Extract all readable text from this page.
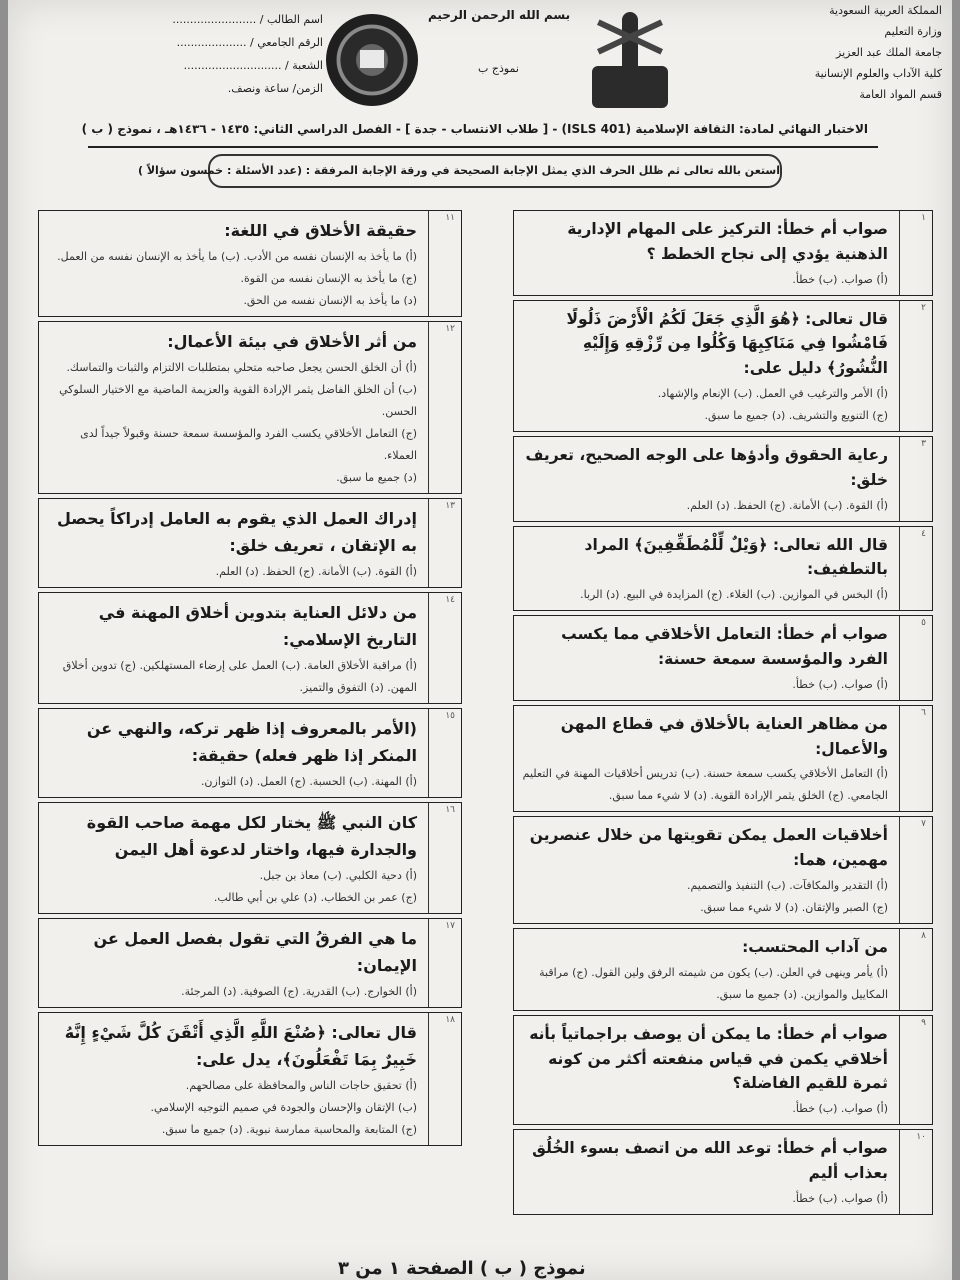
المملكة العربية السعودية
وزارة التعليم
جامعة الملك عبد العزيز
كلية الآداب والعلوم الإنسانية
قسم المواد العامة
بسم الله الرحمن الرحيم
نموذج ب
اسم الطالب / ........................
الرقم الجامعي / ....................
الشعبة / ............................
الزمن/ ساعة ونصف.
الاختبار النهائي لمادة: الثقافة الإسلامية (ISLS 401) - [ طلاب الانتساب - جدة ] - الفصل الدراسي الثاني: ١٤٣٥ - ١٤٣٦هـ ، نموذج ( ب )
استعن بالله تعالى ثم ظلل الحرف الذي يمثل الإجابة الصحيحة في ورقة الإجابة المرفقة : (عدد الأسئلة : خمسون سؤالاً )
١
صواب أم خطأ: التركيز على المهام الإدارية الذهنية يؤدي إلى نجاح الخطط ؟
(أ) صواب. (ب) خطأ.
٢
قال تعالى: ﴿هُوَ الَّذِي جَعَلَ لَكُمُ الْأَرْضَ ذَلُولًا فَامْشُوا فِي مَنَاكِبِهَا وَكُلُوا مِن رِّزْقِهِ وَإِلَيْهِ النُّشُورُ﴾ دليل على:
(أ) الأمر والترغيب في العمل. (ب) الإنعام والإشهاد.
(ج) التنويع والتشريف. (د) جميع ما سبق.
٣
رعاية الحقوق وأدؤها على الوجه الصحيح، تعريف خلق:
(أ) القوة. (ب) الأمانة. (ج) الحفظ. (د) العلم.
٤
قال الله تعالى: ﴿وَيْلٌ لِّلْمُطَفِّفِينَ﴾ المراد بالتطفيف:
(أ) البخس في الموازين. (ب) الغلاء. (ج) المزايدة في البيع. (د) الربا.
٥
صواب أم خطأ: التعامل الأخلاقي مما يكسب الفرد والمؤسسة سمعة حسنة:
(أ) صواب. (ب) خطأ.
٦
من مظاهر العناية بالأخلاق في قطاع المهن والأعمال:
(أ) التعامل الأخلاقي يكسب سمعة حسنة. (ب) تدريس أخلاقيات المهنة في التعليم الجامعي. (ج) الخلق يثمر الإرادة القوية. (د) لا شيء مما سبق.
٧
أخلاقيات العمل يمكن تقويتها من خلال عنصرين مهمين، هما:
(أ) التقدير والمكافآت. (ب) التنفيذ والتصميم.
(ج) الصبر والإتقان. (د) لا شيء مما سبق.
٨
من آداب المحتسب:
(أ) يأمر وينهى في العلن. (ب) يكون من شيمته الرفق ولين القول. (ج) مراقبة المكاييل والموازين. (د) جميع ما سبق.
٩
صواب أم خطأ: ما يمكن أن يوصف براجماتياً بأنه أخلاقي يكمن في قياس منفعته أكثر من كونه ثمرة للقيم الفاضلة؟
(أ) صواب. (ب) خطأ.
١٠
صواب أم خطأ: توعد الله من اتصف بسوء الخُلُق بعذاب أليم
(أ) صواب. (ب) خطأ.
١١
حقيقة الأخلاق في اللغة:
(أ) ما يأخذ به الإنسان نفسه من الأدب. (ب) ما يأخذ به الإنسان نفسه من العمل. (ج) ما يأخذ به الإنسان نفسه من القوة.
(د) ما يأخذ به الإنسان نفسه من الحق.
١٢
من أثر الأخلاق في بيئة الأعمال:
(أ) أن الخلق الحسن يجعل صاحبه متحلي بمتطلبات الالتزام والثبات والتماسك.
(ب) أن الخلق الفاضل يثمر الإرادة القوية والعزيمة الماضية مع الاختيار السلوكي الحسن.
(ج) التعامل الأخلاقي يكسب الفرد والمؤسسة سمعة حسنة وقبولاً جيداً لدى العملاء.
(د) جميع ما سبق.
١٣
إدراك العمل الذي يقوم به العامل إدراكاً يحصل به الإتقان ، تعريف خلق:
(أ) القوة. (ب) الأمانة. (ج) الحفظ. (د) العلم.
١٤
من دلائل العناية بتدوين أخلاق المهنة في التاريخ الإسلامي:
(أ) مراقبة الأخلاق العامة. (ب) العمل على إرضاء المستهلكين. (ج) تدوين أخلاق المهن. (د) التفوق والتميز.
١٥
(الأمر بالمعروف إذا ظهر تركه، والنهي عن المنكر إذا ظهر فعله) حقيقة:
(أ) المهنة. (ب) الحسبة. (ج) العمل. (د) التوازن.
١٦
كان النبي ﷺ يختار لكل مهمة صاحب القوة والجدارة فيها، واختار لدعوة أهل اليمن
(أ) دحية الكلبي. (ب) معاذ بن جبل.
(ج) عمر بن الخطاب. (د) علي بن أبي طالب.
١٧
ما هي الفرقُ التي تقول بفصل العمل عن الإيمان:
(أ) الخوارج. (ب) القدرية. (ج) الصوفية. (د) المرجئة.
١٨
قال تعالى: ﴿صُنْعَ اللَّهِ الَّذِي أَتْقَنَ كُلَّ شَيْءٍ إِنَّهُ خَبِيرٌ بِمَا تَفْعَلُونَ﴾، يدل على:
(أ) تحقيق حاجات الناس والمحافظة على مصالحهم.
(ب) الإتقان والإحسان والجودة في صميم التوجيه الإسلامي.
(ج) المتابعة والمحاسبة ممارسة نبوية. (د) جميع ما سبق.
نموذج ( ب ) الصفحة ١ من ٣
